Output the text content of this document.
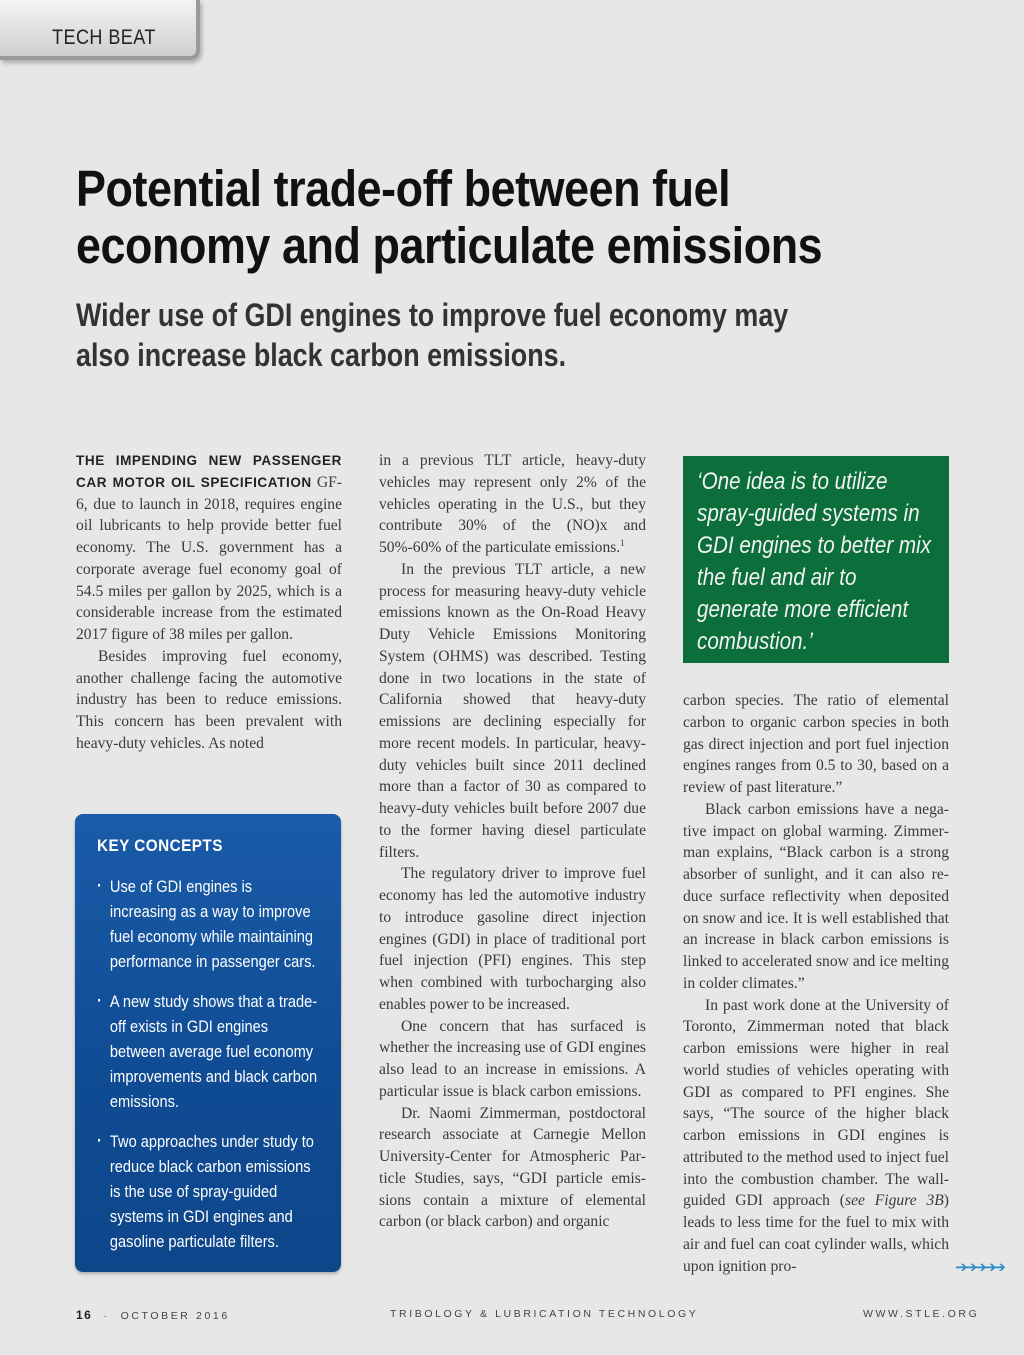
TECH BEAT
Potential trade-off between fuel economy and particulate emissions
Wider use of GDI engines to improve fuel economy may also increase black carbon emissions.

THE IMPENDING NEW PASSENGER CAR MOTOR OIL SPECIFICATION GF-6, due to launch in 2018, requires engine oil lubricants to help provide better fuel economy. The U.S. government has a corporate average fuel economy goal of 54.5 miles per gallon by 2025, which is a considerable increase from the estimated 2017 figure of 38 miles per gallon.

Besides improving fuel economy, another challenge facing the automotive industry has been to reduce emissions. This concern has been prevalent with heavy-duty vehicles. As noted

KEY CONCEPTS
· Use of GDI engines is increasing as a way to improve fuel economy while maintaining performance in passenger cars.
· A new study shows that a trade-off exists in GDI engines between average fuel economy improvements and black carbon emissions.
· Two approaches under study to reduce black carbon emissions is the use of spray-guided systems in GDI engines and gasoline particulate filters.

in a previous TLT article, heavy-duty vehicles may represent only 2% of the vehicles operating in the U.S., but they contribute 30% of the (NO)x and 50%-60% of the particulate emissions.$^1$

In the previous TLT article, a new process for measuring heavy-duty vehicle emissions known as the On-Road Heavy Duty Vehicle Emissions Monitoring System (OHMS) was described. Testing done in two locations in the state of California showed that heavy-duty emissions are declining especially for more recent models. In particular, heavy-duty vehicles built since 2011 declined more than a factor of 30 as compared to heavy-duty vehicles built before 2007 due to the former having diesel particulate filters.

The regulatory driver to improve fuel economy has led the automotive industry to introduce gasoline direct injection engines (GDI) in place of traditional port fuel injection (PFI) engines. This step when combined with turbocharging also enables power to be increased.

One concern that has surfaced is whether the increasing use of GDI engines also lead to an increase in emissions. A particular issue is black carbon emissions.

Dr. Naomi Zimmerman, postdoctoral research associate at Carnegie Mellon University-Center for Atmospheric Particle Studies, says, “GDI particle emissions contain a mixture of elemental carbon (or black carbon) and organic

‘One idea is to utilize spray-guided systems in GDI engines to better mix the fuel and air to generate more efficient combustion.’

carbon species. The ratio of elemental carbon to organic carbon species in both gas direct injection and port fuel injection engines ranges from 0.5 to 30, based on a review of past literature.”

Black carbon emissions have a negative impact on global warming. Zimmerman explains, “Black carbon is a strong absorber of sunlight, and it can also reduce surface reflectivity when deposited on snow and ice. It is well established that an increase in black carbon emissions is linked to accelerated snow and ice melting in colder climates.”

In past work done at the University of Toronto, Zimmerman noted that black carbon emissions were higher in real world studies of vehicles operating with GDI as compared to PFI engines. She says, “The source of the higher black carbon emissions in GDI engines is attributed to the method used to inject fuel into the combustion chamber. The wall-guided GDI approach (see Figure 3B) leads to less time for the fuel to mix with air and fuel can coat cylinder walls, which upon ignition pro-	➔➔➔➔➔
16 · OCTOBER 2016	TRIBOLOGY & LUBRICATION TECHNOLOGY	WWW.STLE.ORG
